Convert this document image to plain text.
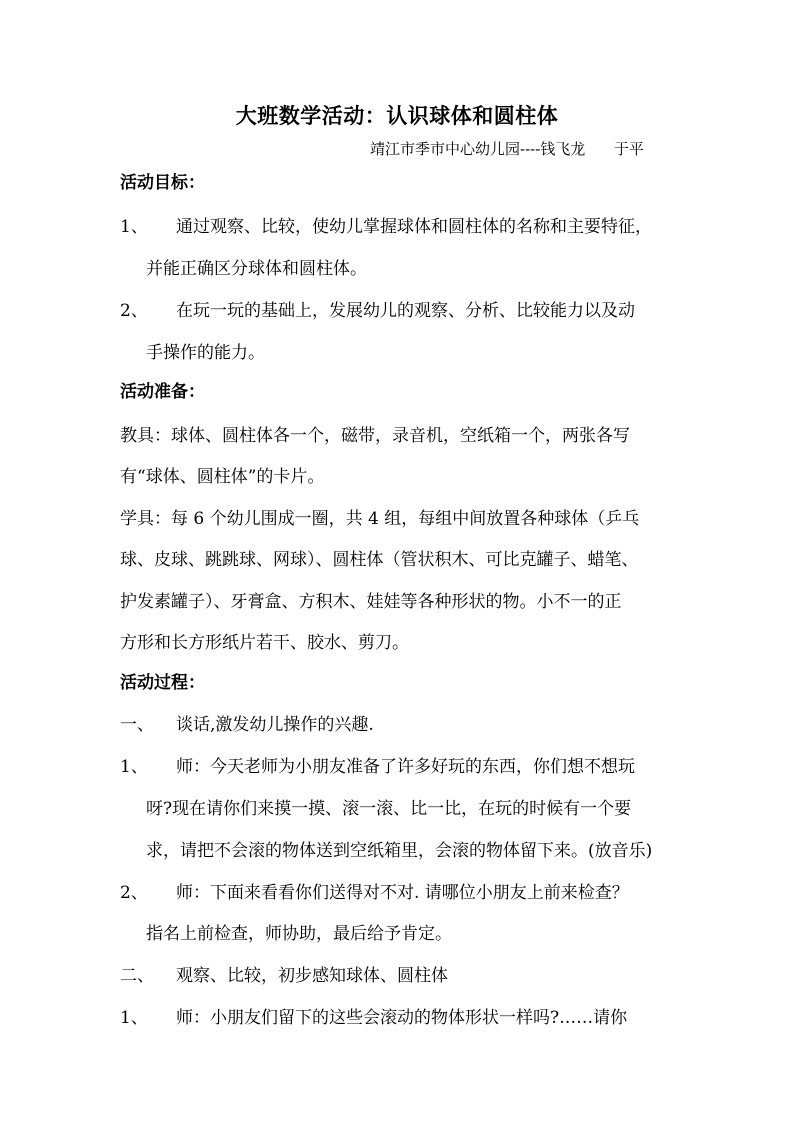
大班数学活动：认识球体和圆柱体
靖江市季市中心幼儿园----钱飞龙      于平
活动目标：
1、 通过观察、比较，使幼儿掌握球体和圆柱体的名称和主要特征，
并能正确区分球体和圆柱体。
2、 在玩一玩的基础上，发展幼儿的观察、分析、比较能力以及动
手操作的能力。
活动准备：
教具：球体、圆柱体各一个，磁带，录音机，空纸箱一个，两张各写
有“球体、圆柱体”的卡片。
学具：每 6 个幼儿围成一圈，共 4 组，每组中间放置各种球体（乒乓
球、皮球、跳跳球、网球）、圆柱体（管状积木、可比克罐子、蜡笔、
护发素罐子）、牙膏盒、方积木、娃娃等各种形状的物。小不一的正
方形和长方形纸片若干、胶水、剪刀。
活动过程：
一、 谈话,激发幼儿操作的兴趣.
1、 师：今天老师为小朋友准备了许多好玩的东西，你们想不想玩
呀?现在请你们来摸一摸、滚一滚、比一比，在玩的时候有一个要
求，请把不会滚的物体送到空纸箱里，会滚的物体留下来。(放音乐)
2、 师：下面来看看你们送得对不对. 请哪位小朋友上前来检查？
指名上前检查，师协助，最后给予肯定。
二、 观察、比较，初步感知球体、圆柱体
1、 师：小朋友们留下的这些会滚动的物体形状一样吗?……请你
